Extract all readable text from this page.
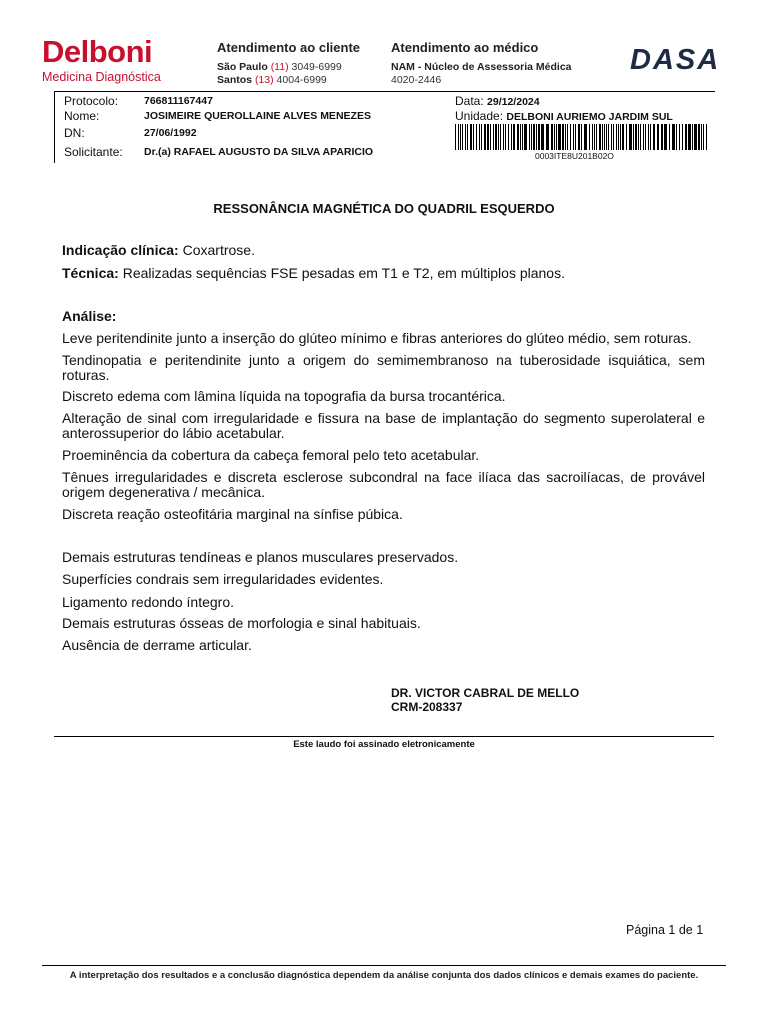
Delboni
Medicina Diagnóstica
Atendimento ao cliente
São Paulo (11) 3049-6999
Santos (13) 4004-6999
Atendimento ao médico
NAM - Núcleo de Assessoria Médica
4020-2446
DASA
Protocolo: 766811167447
Nome:	JOSIMEIRE QUEROLLAINE ALVES MENEZES
DN:	27/06/1992
Solicitante: Dr.(a) RAFAEL AUGUSTO DA SILVA APARICIO
Data: 29/12/2024
Unidade: DELBONI AURIEMO JARDIM SUL
0003ITE8U201B02O
RESSONÂNCIA MAGNÉTICA DO QUADRIL ESQUERDO
Indicação clínica: Coxartrose.
Técnica: Realizadas sequências FSE pesadas em T1 e T2, em múltiplos planos.
Análise:
Leve peritendinite junto a inserção do glúteo mínimo e fibras anteriores do glúteo médio, sem roturas.
Tendinopatia e peritendinite junto a origem do semimembranoso na tuberosidade isquiática, sem roturas.
Discreto edema com lâmina líquida na topografia da bursa trocantérica.
Alteração de sinal com irregularidade e fissura na base de implantação do segmento superolateral e anterossuperior do lábio acetabular.
Proeminência da cobertura da cabeça femoral pelo teto acetabular.
Tênues irregularidades e discreta esclerose subcondral na face ilíaca das sacroilíacas, de provável origem degenerativa / mecânica.
Discreta reação osteofitária marginal na sínfise púbica.
Demais estruturas tendíneas e planos musculares preservados.
Superfícies condrais sem irregularidades evidentes.
Ligamento redondo íntegro.
Demais estruturas ósseas de morfologia e sinal habituais.
Ausência de derrame articular.
DR. VICTOR CABRAL DE MELLO
CRM-208337
Este laudo foi assinado eletronicamente
Página 1 de 1
A interpretação dos resultados e a conclusão diagnóstica dependem da análise conjunta dos dados clínicos e demais exames do paciente.
